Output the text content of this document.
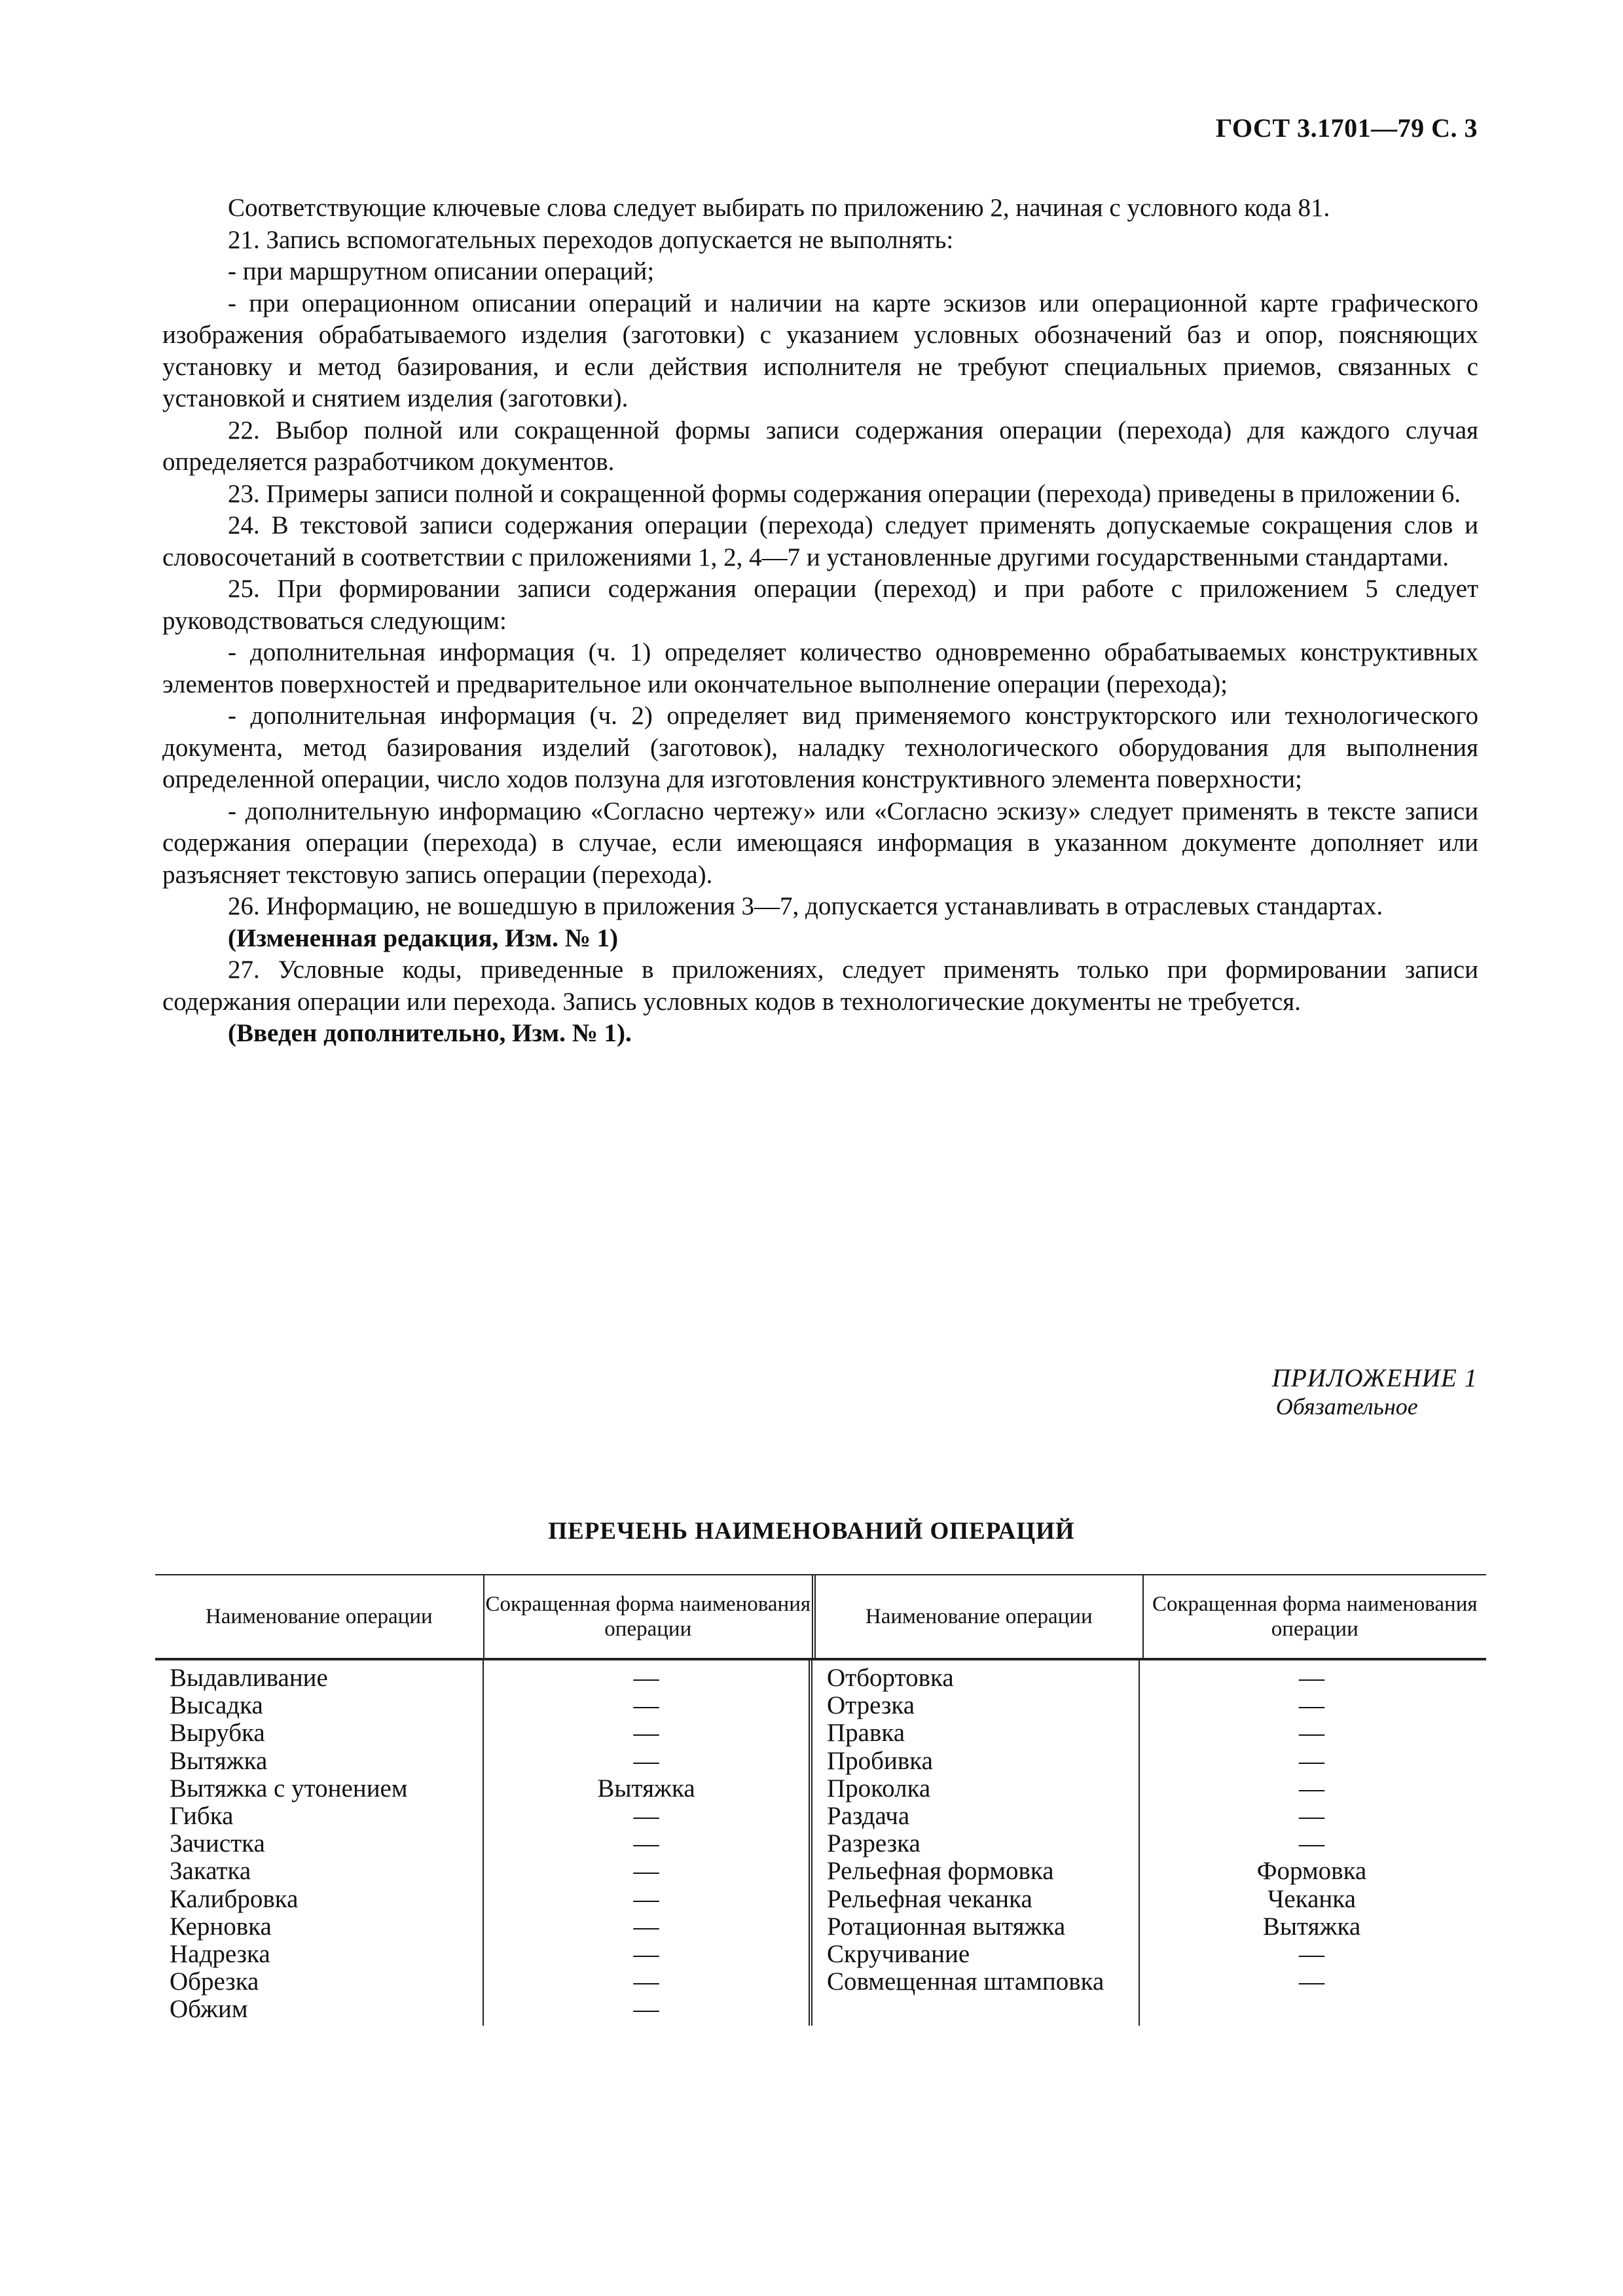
ГОСТ 3.1701—79 С. 3

Соответствующие ключевые слова следует выбирать по приложению 2, начиная с условного кода 81.

21. Запись вспомогательных переходов допускается не выполнять:

- при маршрутном описании операций;

- при операционном описании операций и наличии на карте эскизов или операционной карте графического изображения обрабатываемого изделия (заготовки) с указанием условных обозначений баз и опор, поясняющих установку и метод базирования, и если действия исполнителя не требуют специальных приемов, связанных с установкой и снятием изделия (заготовки).

22. Выбор полной или сокращенной формы записи содержания операции (перехода) для каждого случая определяется разработчиком документов.

23. Примеры записи полной и сокращенной формы содержания операции (перехода) приведены в приложении 6.

24. В текстовой записи содержания операции (перехода) следует применять допускаемые сокращения слов и словосочетаний в соответствии с приложениями 1, 2, 4—7 и установленные другими государственными стандартами.

25. При формировании записи содержания операции (переход) и при работе с приложением 5 следует руководствоваться следующим:

- дополнительная информация (ч. 1) определяет количество одновременно обрабатываемых конструктивных элементов поверхностей и предварительное или окончательное выполнение операции (перехода);

- дополнительная информация (ч. 2) определяет вид применяемого конструкторского или технологического документа, метод базирования изделий (заготовок), наладку технологического оборудования для выполнения определенной операции, число ходов ползуна для изготовления конструктивного элемента поверхности;

- дополнительную информацию «Согласно чертежу» или «Согласно эскизу» следует применять в тексте записи содержания операции (перехода) в случае, если имеющаяся информация в указанном документе дополняет или разъясняет текстовую запись операции (перехода).

26. Информацию, не вошедшую в приложения 3—7, допускается устанавливать в отраслевых стандартах.

(Измененная редакция, Изм. № 1)

27. Условные коды, приведенные в приложениях, следует применять только при формировании записи содержания операции или перехода. Запись условных кодов в технологические документы не требуется.

(Введен дополнительно, Изм. № 1).

ПРИЛОЖЕНИЕ 1
Обязательное
ПЕРЕЧЕНЬ НАИМЕНОВАНИЙ ОПЕРАЦИЙ
Наименование операции
Сокращенная форма наименования операции
Наименование операции
Сокращенная форма наименования операции
Выдавливание
Высадка
Вырубка
Вытяжка
Вытяжка с утонением
Гибка
Зачистка
Закатка
Калибровка
Керновка
Надрезка
Обрезка
Обжим
—
—
—
—
Вытяжка
—
—
—
—
—
—
—
—
Отбортовка
Отрезка
Правка
Пробивка
Проколка
Раздача
Разрезка
Рельефная формовка
Рельефная чеканка
Ротационная вытяжка
Скручивание
Совмещенная штамповка
—
—
—
—
—
—
—
Формовка
Чеканка
Вытяжка
—
—
